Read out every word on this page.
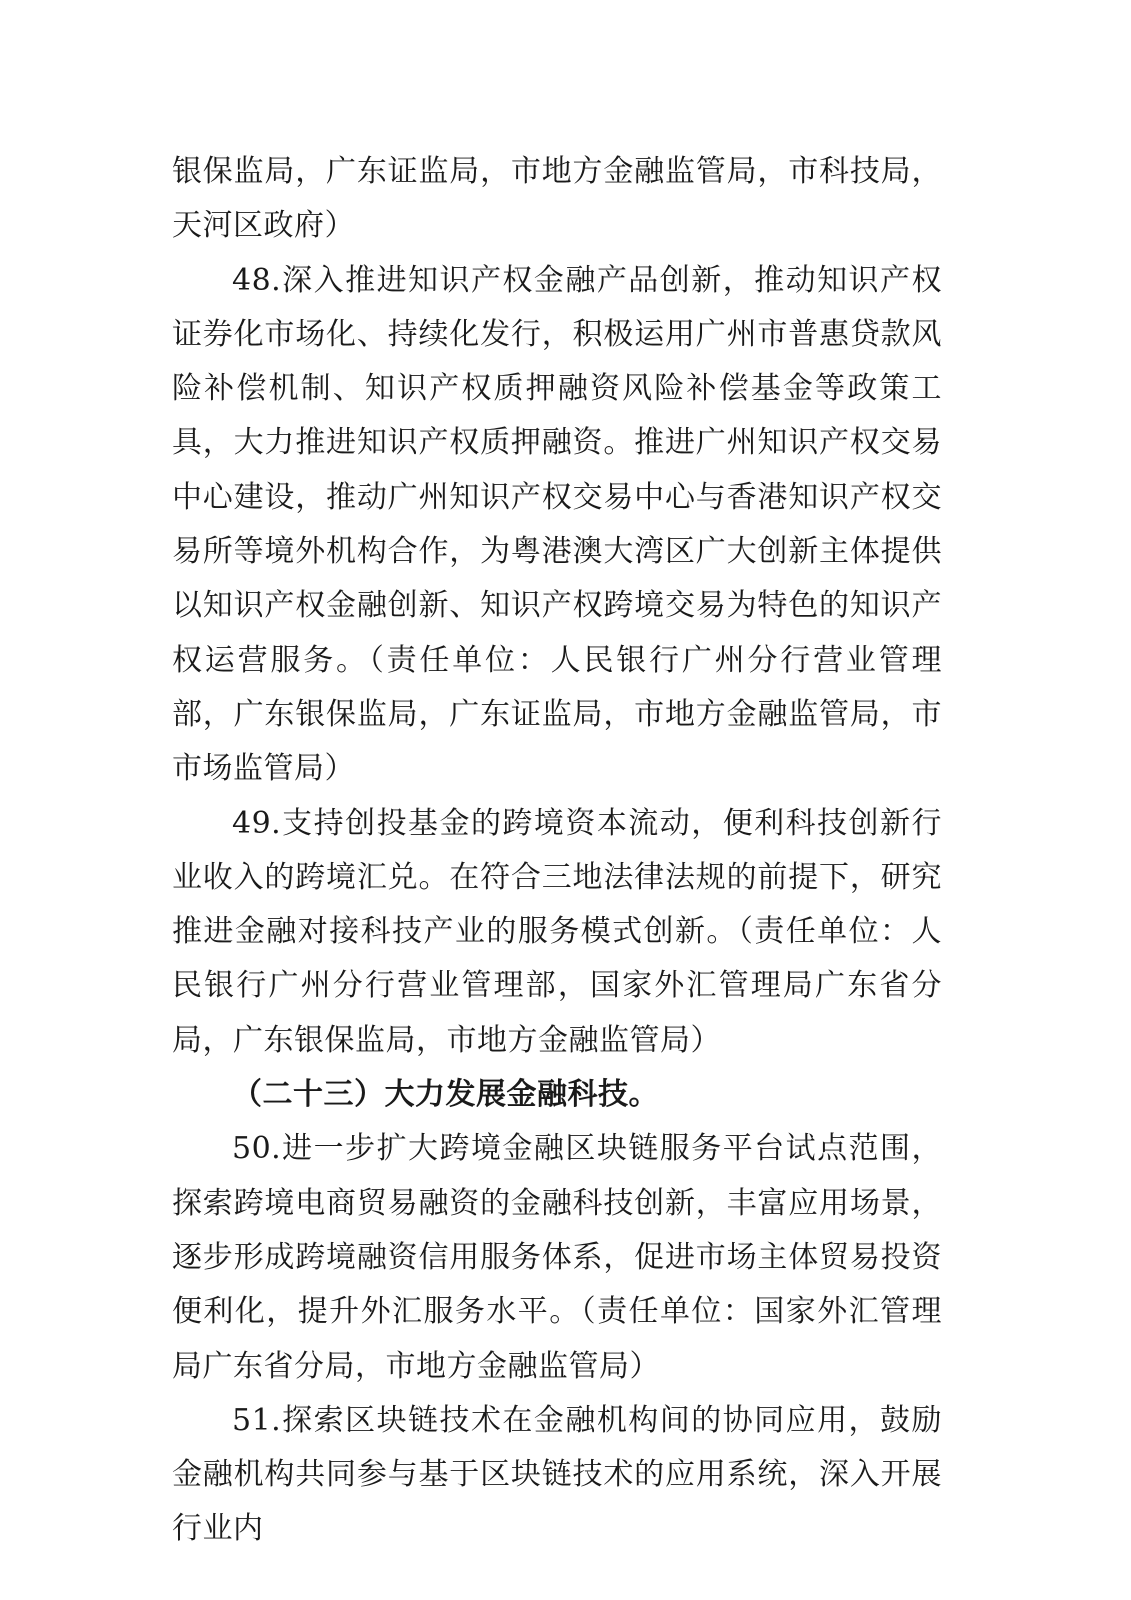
银保监局，广东证监局，市地方金融监管局，市科技局，天河区政府）

48.深入推进知识产权金融产品创新，推动知识产权证券化市场化、持续化发行，积极运用广州市普惠贷款风险补偿机制、知识产权质押融资风险补偿基金等政策工具，大力推进知识产权质押融资。推进广州知识产权交易中心建设，推动广州知识产权交易中心与香港知识产权交易所等境外机构合作，为粤港澳大湾区广大创新主体提供以知识产权金融创新、知识产权跨境交易为特色的知识产权运营服务。（责任单位：人民银行广州分行营业管理部，广东银保监局，广东证监局，市地方金融监管局，市市场监管局）

49.支持创投基金的跨境资本流动，便利科技创新行业收入的跨境汇兑。在符合三地法律法规的前提下，研究推进金融对接科技产业的服务模式创新。（责任单位：人民银行广州分行营业管理部，国家外汇管理局广东省分局，广东银保监局，市地方金融监管局）

（二十三）大力发展金融科技。

50.进一步扩大跨境金融区块链服务平台试点范围，探索跨境电商贸易融资的金融科技创新，丰富应用场景，逐步形成跨境融资信用服务体系，促进市场主体贸易投资便利化，提升外汇服务水平。（责任单位：国家外汇管理局广东省分局，市地方金融监管局）

51.探索区块链技术在金融机构间的协同应用，鼓励金融机构共同参与基于区块链技术的应用系统，深入开展行业内
